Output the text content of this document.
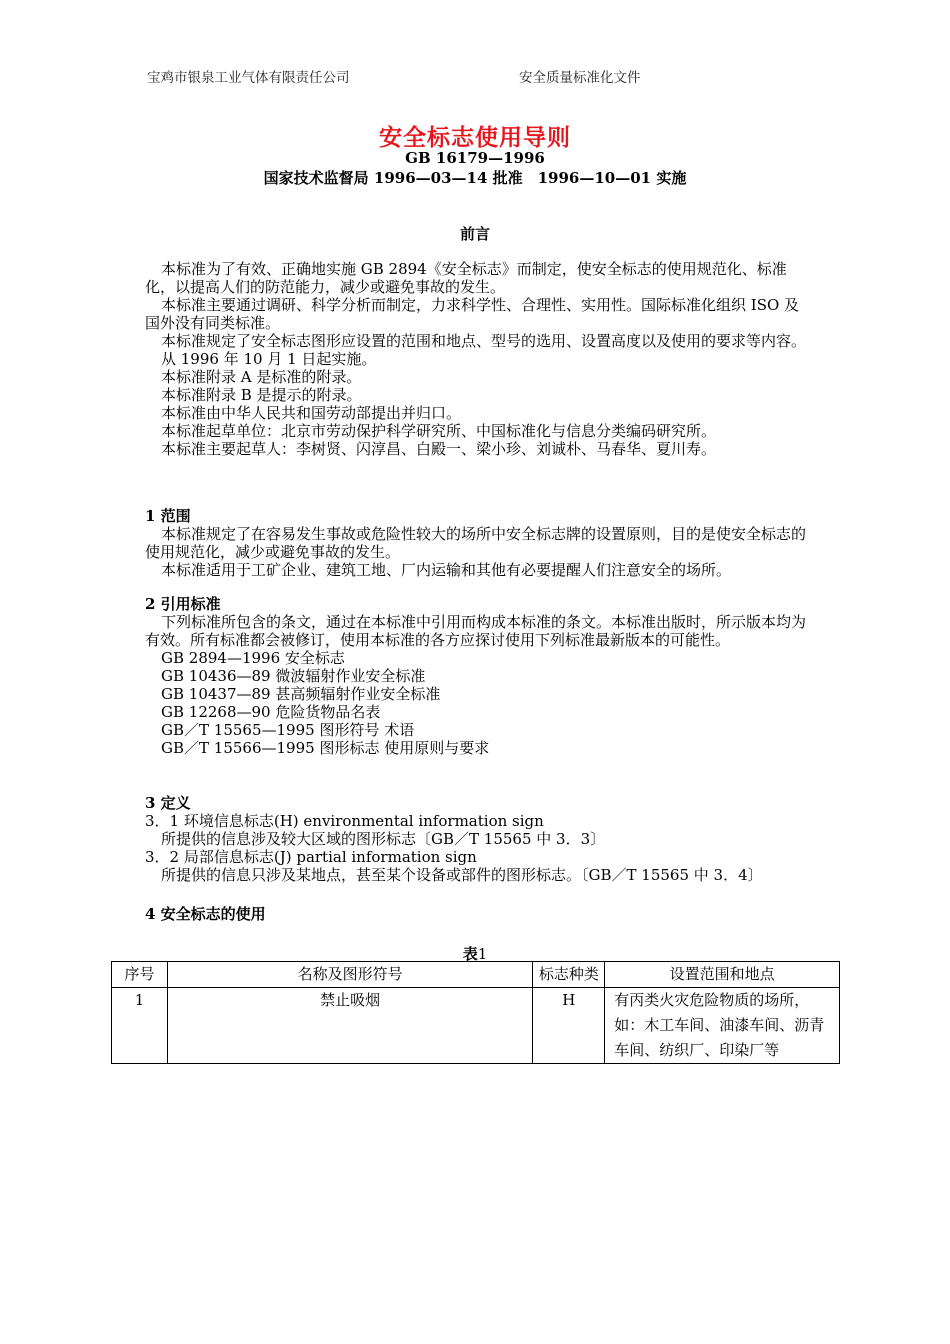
宝鸡市银泉工业气体有限责任公司	安全质量标准化文件
安全标志使用导则
GB 16179—1996
国家技术监督局 1996—03—14 批准　1996—10—01 实施
前言

本标准为了有效、正确地实施 GB 2894《安全标志》而制定，使安全标志的使用规范化、标准化，以提高人们的防范能力，减少或避免事故的发生。

本标准主要通过调研、科学分析而制定，力求科学性、合理性、实用性。国际标准化组织 ISO 及国外没有同类标准。

本标准规定了安全标志图形应设置的范围和地点、型号的选用、设置高度以及使用的要求等内容。

从 1996 年 10 月 1 日起实施。

本标准附录 A 是标准的附录。

本标准附录 B 是提示的附录。

本标准由中华人民共和国劳动部提出并归口。

本标准起草单位：北京市劳动保护科学研究所、中国标准化与信息分类编码研究所。

本标准主要起草人：李树贤、闪淳昌、白殿一、梁小珍、刘诚朴、马春华、夏川寿。

1 范围

本标准规定了在容易发生事故或危险性较大的场所中安全标志牌的设置原则，目的是使安全标志的使用规范化，减少或避免事故的发生。

本标准适用于工矿企业、建筑工地、厂内运输和其他有必要提醒人们注意安全的场所。

2 引用标准

下列标准所包含的条文，通过在本标准中引用而构成本标准的条文。本标准出版时，所示版本均为有效。所有标准都会被修订，使用本标准的各方应探讨使用下列标准最新版本的可能性。

GB 2894—1996 安全标志

GB 10436—89 微波辐射作业安全标准

GB 10437—89 甚高频辐射作业安全标准

GB 12268—90 危险货物品名表

GB／T 15565—1995 图形符号 术语

GB／T 15566—1995 图形标志 使用原则与要求

3 定义

3．1 环境信息标志(H) environmental information sign

所提供的信息涉及较大区域的图形标志〔GB／T 15565 中 3．3〕

3．2 局部信息标志(J) partial information sign

所提供的信息只涉及某地点，甚至某个设备或部件的图形标志。〔GB／T 15565 中 3．4〕

4 安全标志的使用

表1
序号	名称及图形符号	标志种类	设置范围和地点
1	禁止吸烟	H	有丙类火灾危险物质的场所，如：木工车间、油漆车间、沥青车间、纺织厂、印染厂等
